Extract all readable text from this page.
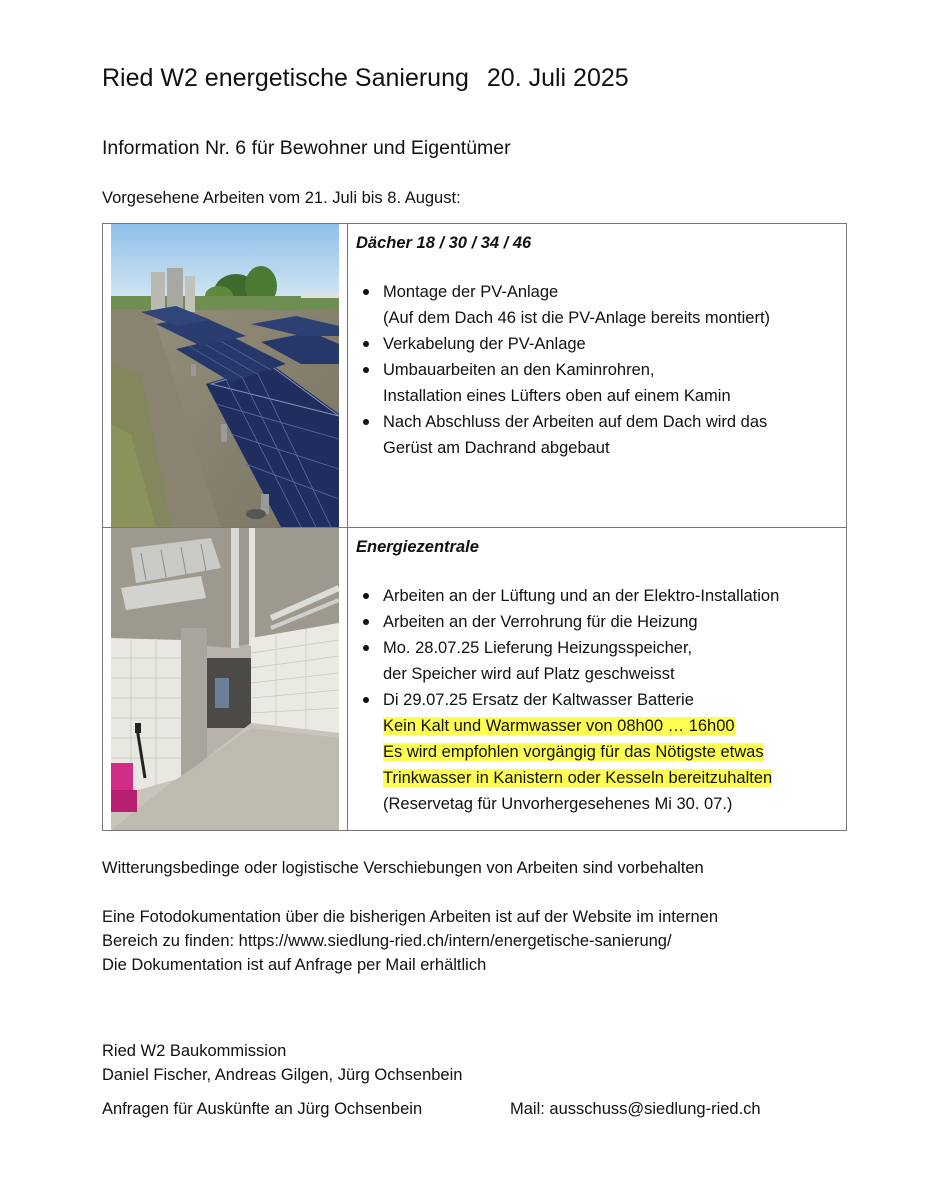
Ried W2 energetische Sanierung 20. Juli 2025
Information Nr. 6 für Bewohner und Eigentümer
Vorgesehene Arbeiten vom 21. Juli bis 8. August:
Dächer 18 / 30 / 34 / 46
Montage der PV-Anlage
(Auf dem Dach 46 ist die PV-Anlage bereits montiert)
Verkabelung der PV-Anlage
Umbauarbeiten an den Kaminrohren,
Installation eines Lüfters oben auf einem Kamin
Nach Abschluss der Arbeiten auf dem Dach wird das
Gerüst am Dachrand abgebaut
Energiezentrale
Arbeiten an der Lüftung und an der Elektro-Installation
Arbeiten an der Verrohrung für die Heizung
Mo. 28.07.25 Lieferung Heizungsspeicher,
der Speicher wird auf Platz geschweisst
Di 29.07.25 Ersatz der Kaltwasser Batterie
Kein Kalt und Warmwasser von 08h00 … 16h00
Es wird empfohlen vorgängig für das Nötigste etwas
Trinkwasser in Kanistern oder Kesseln bereitzuhalten
(Reservetag für Unvorhergesehenes Mi 30. 07.)
Witterungsbedinge oder logistische Verschiebungen von Arbeiten sind vorbehalten
Eine Fotodokumentation über die bisherigen Arbeiten ist auf der Website im internen
Bereich zu finden: https://www.siedlung-ried.ch/intern/energetische-sanierung/
Die Dokumentation ist auf Anfrage per Mail erhältlich
Ried W2 Baukommission
Daniel Fischer, Andreas Gilgen, Jürg Ochsenbein
Anfragen für Auskünfte an Jürg Ochsenbein	Mail: ausschuss@siedlung-ried.ch
